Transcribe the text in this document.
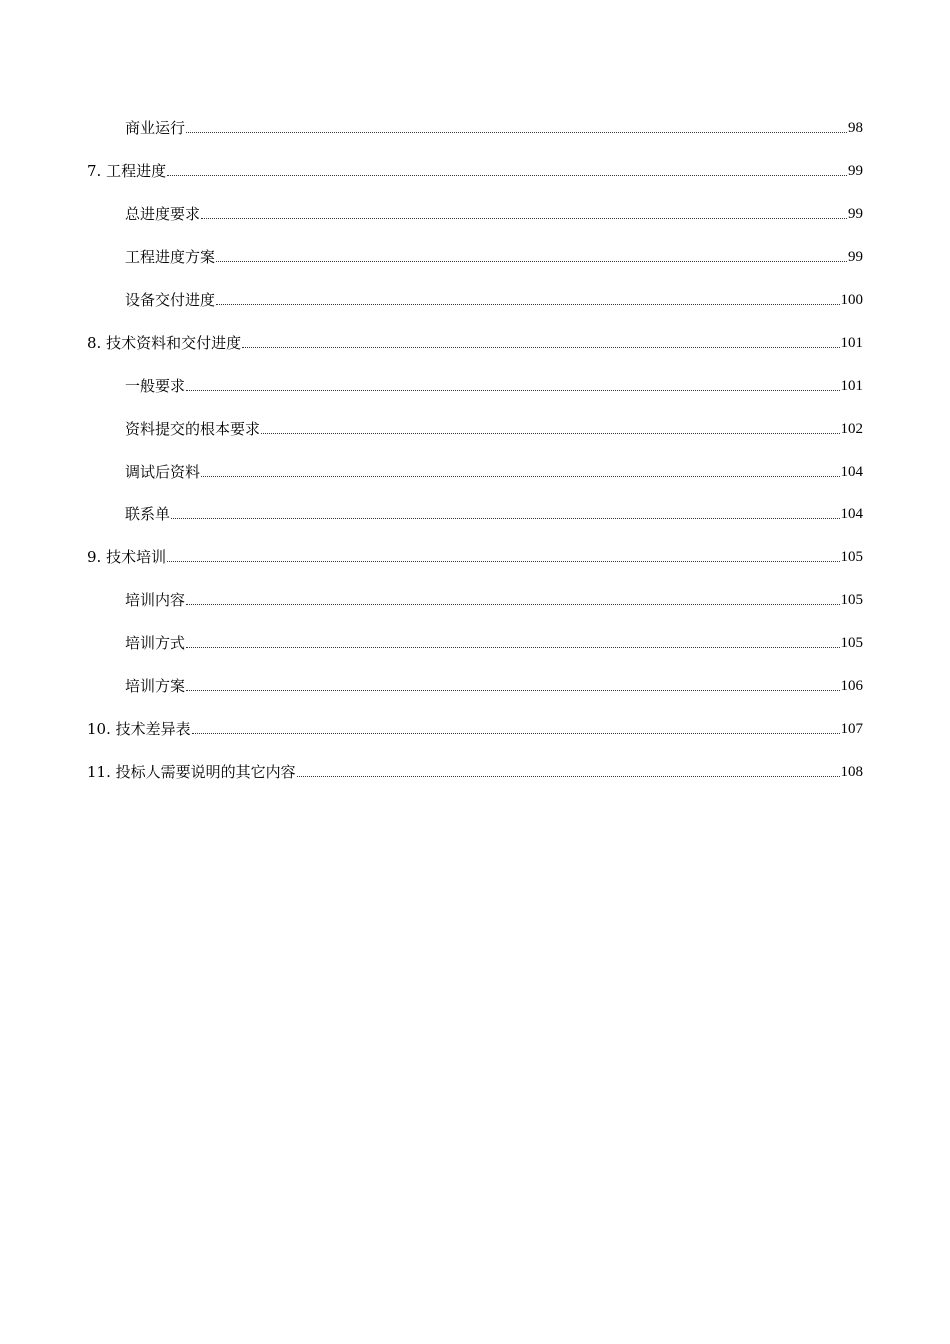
商业运行	98
7. 工程进度	99
总进度要求	99
工程进度方案	99
设备交付进度	100
8. 技术资料和交付进度	101
一般要求	101
资料提交的根本要求	102
调试后资料	104
联系单	104
9. 技术培训	105
培训内容	105
培训方式	105
培训方案	106
10. 技术差异表	107
11. 投标人需要说明的其它内容	108
